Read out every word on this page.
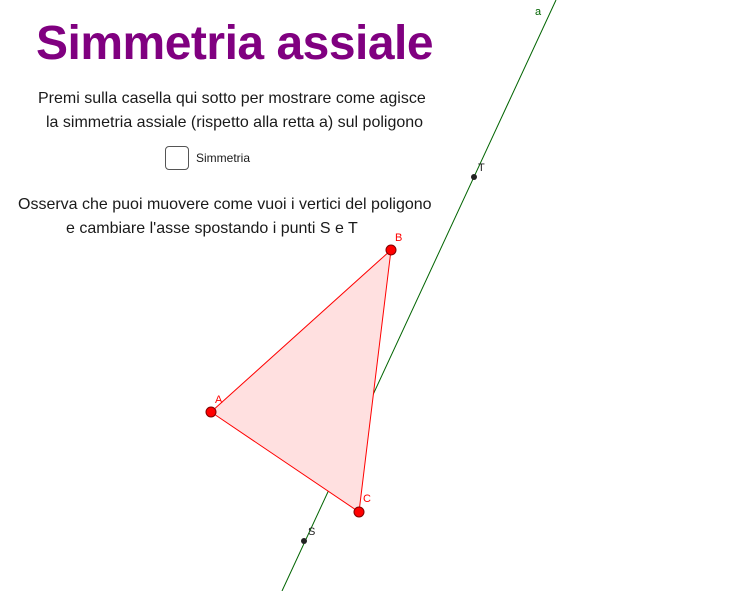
Simmetria assiale
Premi sulla casella qui sotto per mostrare come agisce
la simmetria assiale (rispetto alla retta a) sul poligono
Simmetria
Osserva che puoi muovere come vuoi i vertici del poligono
e cambiare l'asse spostando i punti S e T
a
T
S
A
B
C
